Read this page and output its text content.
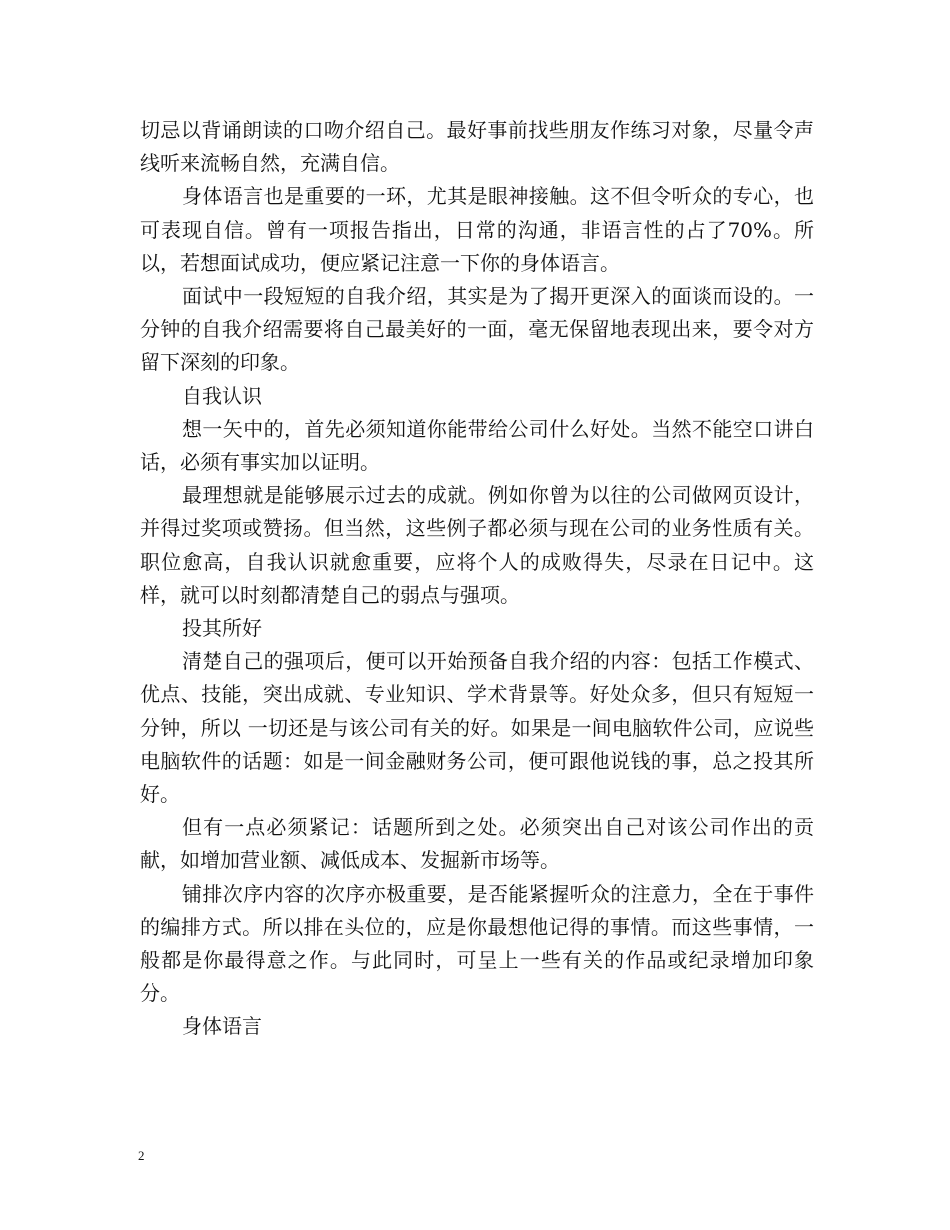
切忌以背诵朗读的口吻介绍自己。最好事前找些朋友作练习对象，尽量令声线听来流畅自然，充满自信。

身体语言也是重要的一环，尤其是眼神接触。这不但令听众的专心，也可表现自信。曾有一项报告指出，日常的沟通，非语言性的占了70%。所以，若想面试成功，便应紧记注意一下你的身体语言。

面试中一段短短的自我介绍，其实是为了揭开更深入的面谈而设的。一分钟的自我介绍需要将自己最美好的一面，毫无保留地表现出来，要令对方留下深刻的印象。

自我认识

想一矢中的，首先必须知道你能带给公司什么好处。当然不能空口讲白话，必须有事实加以证明。

最理想就是能够展示过去的成就。例如你曾为以往的公司做网页设计，并得过奖项或赞扬。但当然，这些例子都必须与现在公司的业务性质有关。职位愈高，自我认识就愈重要，应将个人的成败得失，尽录在日记中。这样，就可以时刻都清楚自己的弱点与强项。

投其所好

清楚自己的强项后，便可以开始预备自我介绍的内容：包括工作模式、优点、技能，突出成就、专业知识、学术背景等。好处众多，但只有短短一分钟，所以 一切还是与该公司有关的好。如果是一间电脑软件公司，应说些电脑软件的话题：如是一间金融财务公司，便可跟他说钱的事，总之投其所好。

但有一点必须紧记：话题所到之处。必须突出自己对该公司作出的贡献，如增加营业额、减低成本、发掘新市场等。

铺排次序内容的次序亦极重要，是否能紧握听众的注意力，全在于事件的编排方式。所以排在头位的，应是你最想他记得的事情。而这些事情，一般都是你最得意之作。与此同时，可呈上一些有关的作品或纪录增加印象分。

身体语言

2
